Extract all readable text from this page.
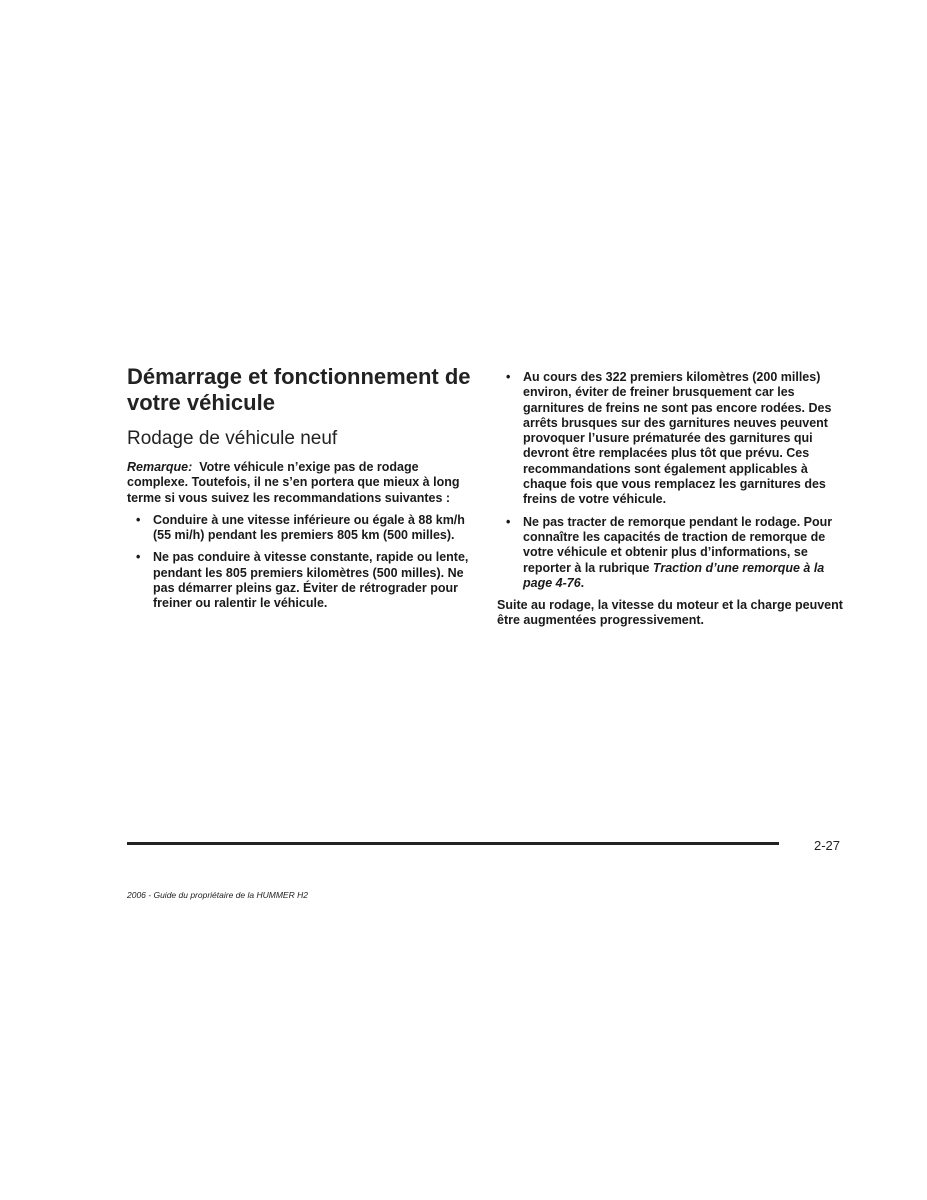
Démarrage et fonctionnement de votre véhicule
Rodage de véhicule neuf

Remarque: Votre véhicule n’exige pas de rodage complexe. Toutefois, il ne s’en portera que mieux à long terme si vous suivez les recommandations suivantes :

• Conduire à une vitesse inférieure ou égale à 88 km/h (55 mi/h) pendant les premiers 805 km (500 milles).
• Ne pas conduire à vitesse constante, rapide ou lente, pendant les 805 premiers kilomètres (500 milles). Ne pas démarrer pleins gaz. Éviter de rétrograder pour freiner ou ralentir le véhicule.
• Au cours des 322 premiers kilomètres (200 milles) environ, éviter de freiner brusquement car les garnitures de freins ne sont pas encore rodées. Des arrêts brusques sur des garnitures neuves peuvent provoquer l’usure prématurée des garnitures qui devront être remplacées plus tôt que prévu. Ces recommandations sont également applicables à chaque fois que vous remplacez les garnitures des freins de votre véhicule.
• Ne pas tracter de remorque pendant le rodage. Pour connaître les capacités de traction de remorque de votre véhicule et obtenir plus d’informations, se reporter à la rubrique Traction d’une remorque à la page 4-76.

Suite au rodage, la vitesse du moteur et la charge peuvent être augmentées progressivement.

2-27
2006 - Guide du propriétaire de la HUMMER H2
